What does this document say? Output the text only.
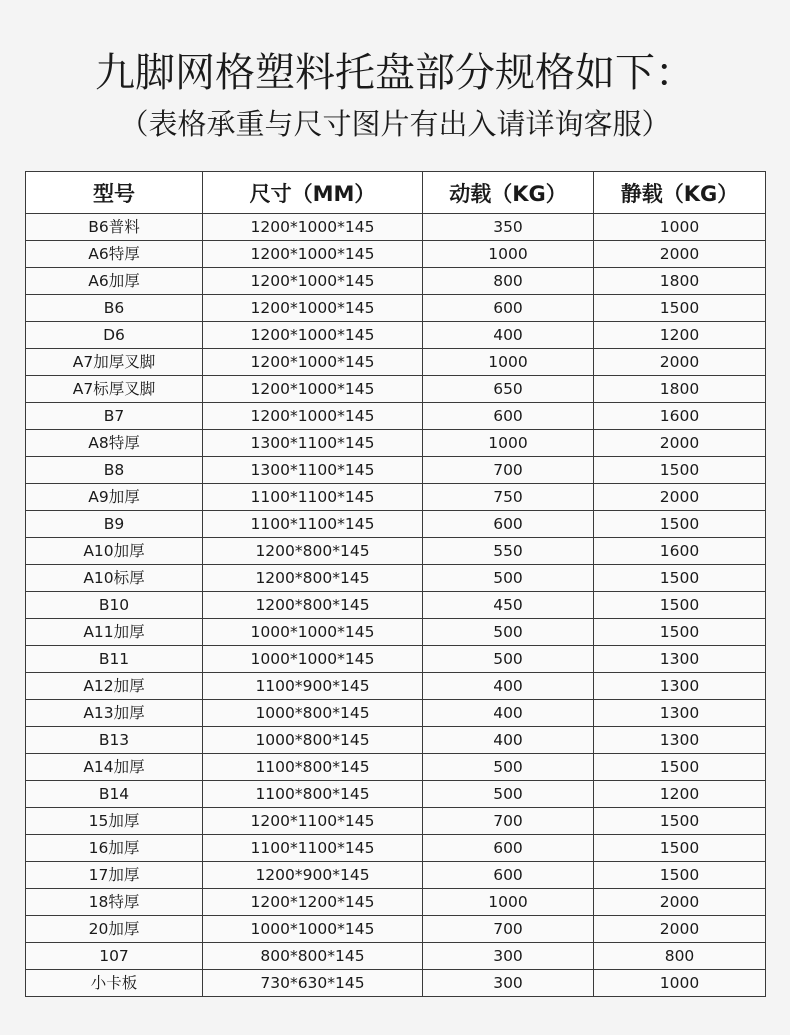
九脚网格塑料托盘部分规格如下：

（表格承重与尺寸图片有出入请详询客服）

型号	尺寸（MM）	动载（KG）	静载（KG）
B6普料	1200*1000*145	350	1000
A6特厚	1200*1000*145	1000	2000
A6加厚	1200*1000*145	800	1800
B6	1200*1000*145	600	1500
D6	1200*1000*145	400	1200
A7加厚叉脚	1200*1000*145	1000	2000
A7标厚叉脚	1200*1000*145	650	1800
B7	1200*1000*145	600	1600
A8特厚	1300*1100*145	1000	2000
B8	1300*1100*145	700	1500
A9加厚	1100*1100*145	750	2000
B9	1100*1100*145	600	1500
A10加厚	1200*800*145	550	1600
A10标厚	1200*800*145	500	1500
B10	1200*800*145	450	1500
A11加厚	1000*1000*145	500	1500
B11	1000*1000*145	500	1300
A12加厚	1100*900*145	400	1300
A13加厚	1000*800*145	400	1300
B13	1000*800*145	400	1300
A14加厚	1100*800*145	500	1500
B14	1100*800*145	500	1200
15加厚	1200*1100*145	700	1500
16加厚	1100*1100*145	600	1500
17加厚	1200*900*145	600	1500
18特厚	1200*1200*145	1000	2000
20加厚	1000*1000*145	700	2000
107	800*800*145	300	800
小卡板	730*630*145	300	1000
